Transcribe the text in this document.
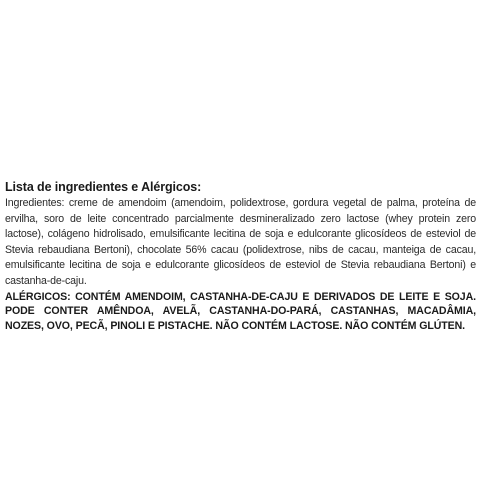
Lista de ingredientes e Alérgicos:

Ingredientes: creme de amendoim (amendoim, polidextrose, gordura vegetal de palma, proteína de ervilha, soro de leite concentrado parcialmente desmineralizado zero lactose (whey protein zero lactose), colágeno hidrolisado, emulsificante lecitina de soja e edulcorante glicosídeos de esteviol de Stevia rebaudiana Bertoni), chocolate 56% cacau (polidextrose, nibs de cacau, manteiga de cacau, emulsificante lecitina de soja e edulcorante glicosídeos de esteviol de Stevia rebaudiana Bertoni) e castanha-de-caju.

ALÉRGICOS: CONTÉM AMENDOIM, CASTANHA-DE-CAJU E DERIVADOS DE LEITE E SOJA. PODE CONTER AMÊNDOA, AVELÃ, CASTANHA-DO-PARÁ, CASTANHAS, MACADÂMIA, NOZES, OVO, PECÃ, PINOLI E PISTACHE. NÃO CONTÉM LACTOSE. NÃO CONTÉM GLÚTEN.
